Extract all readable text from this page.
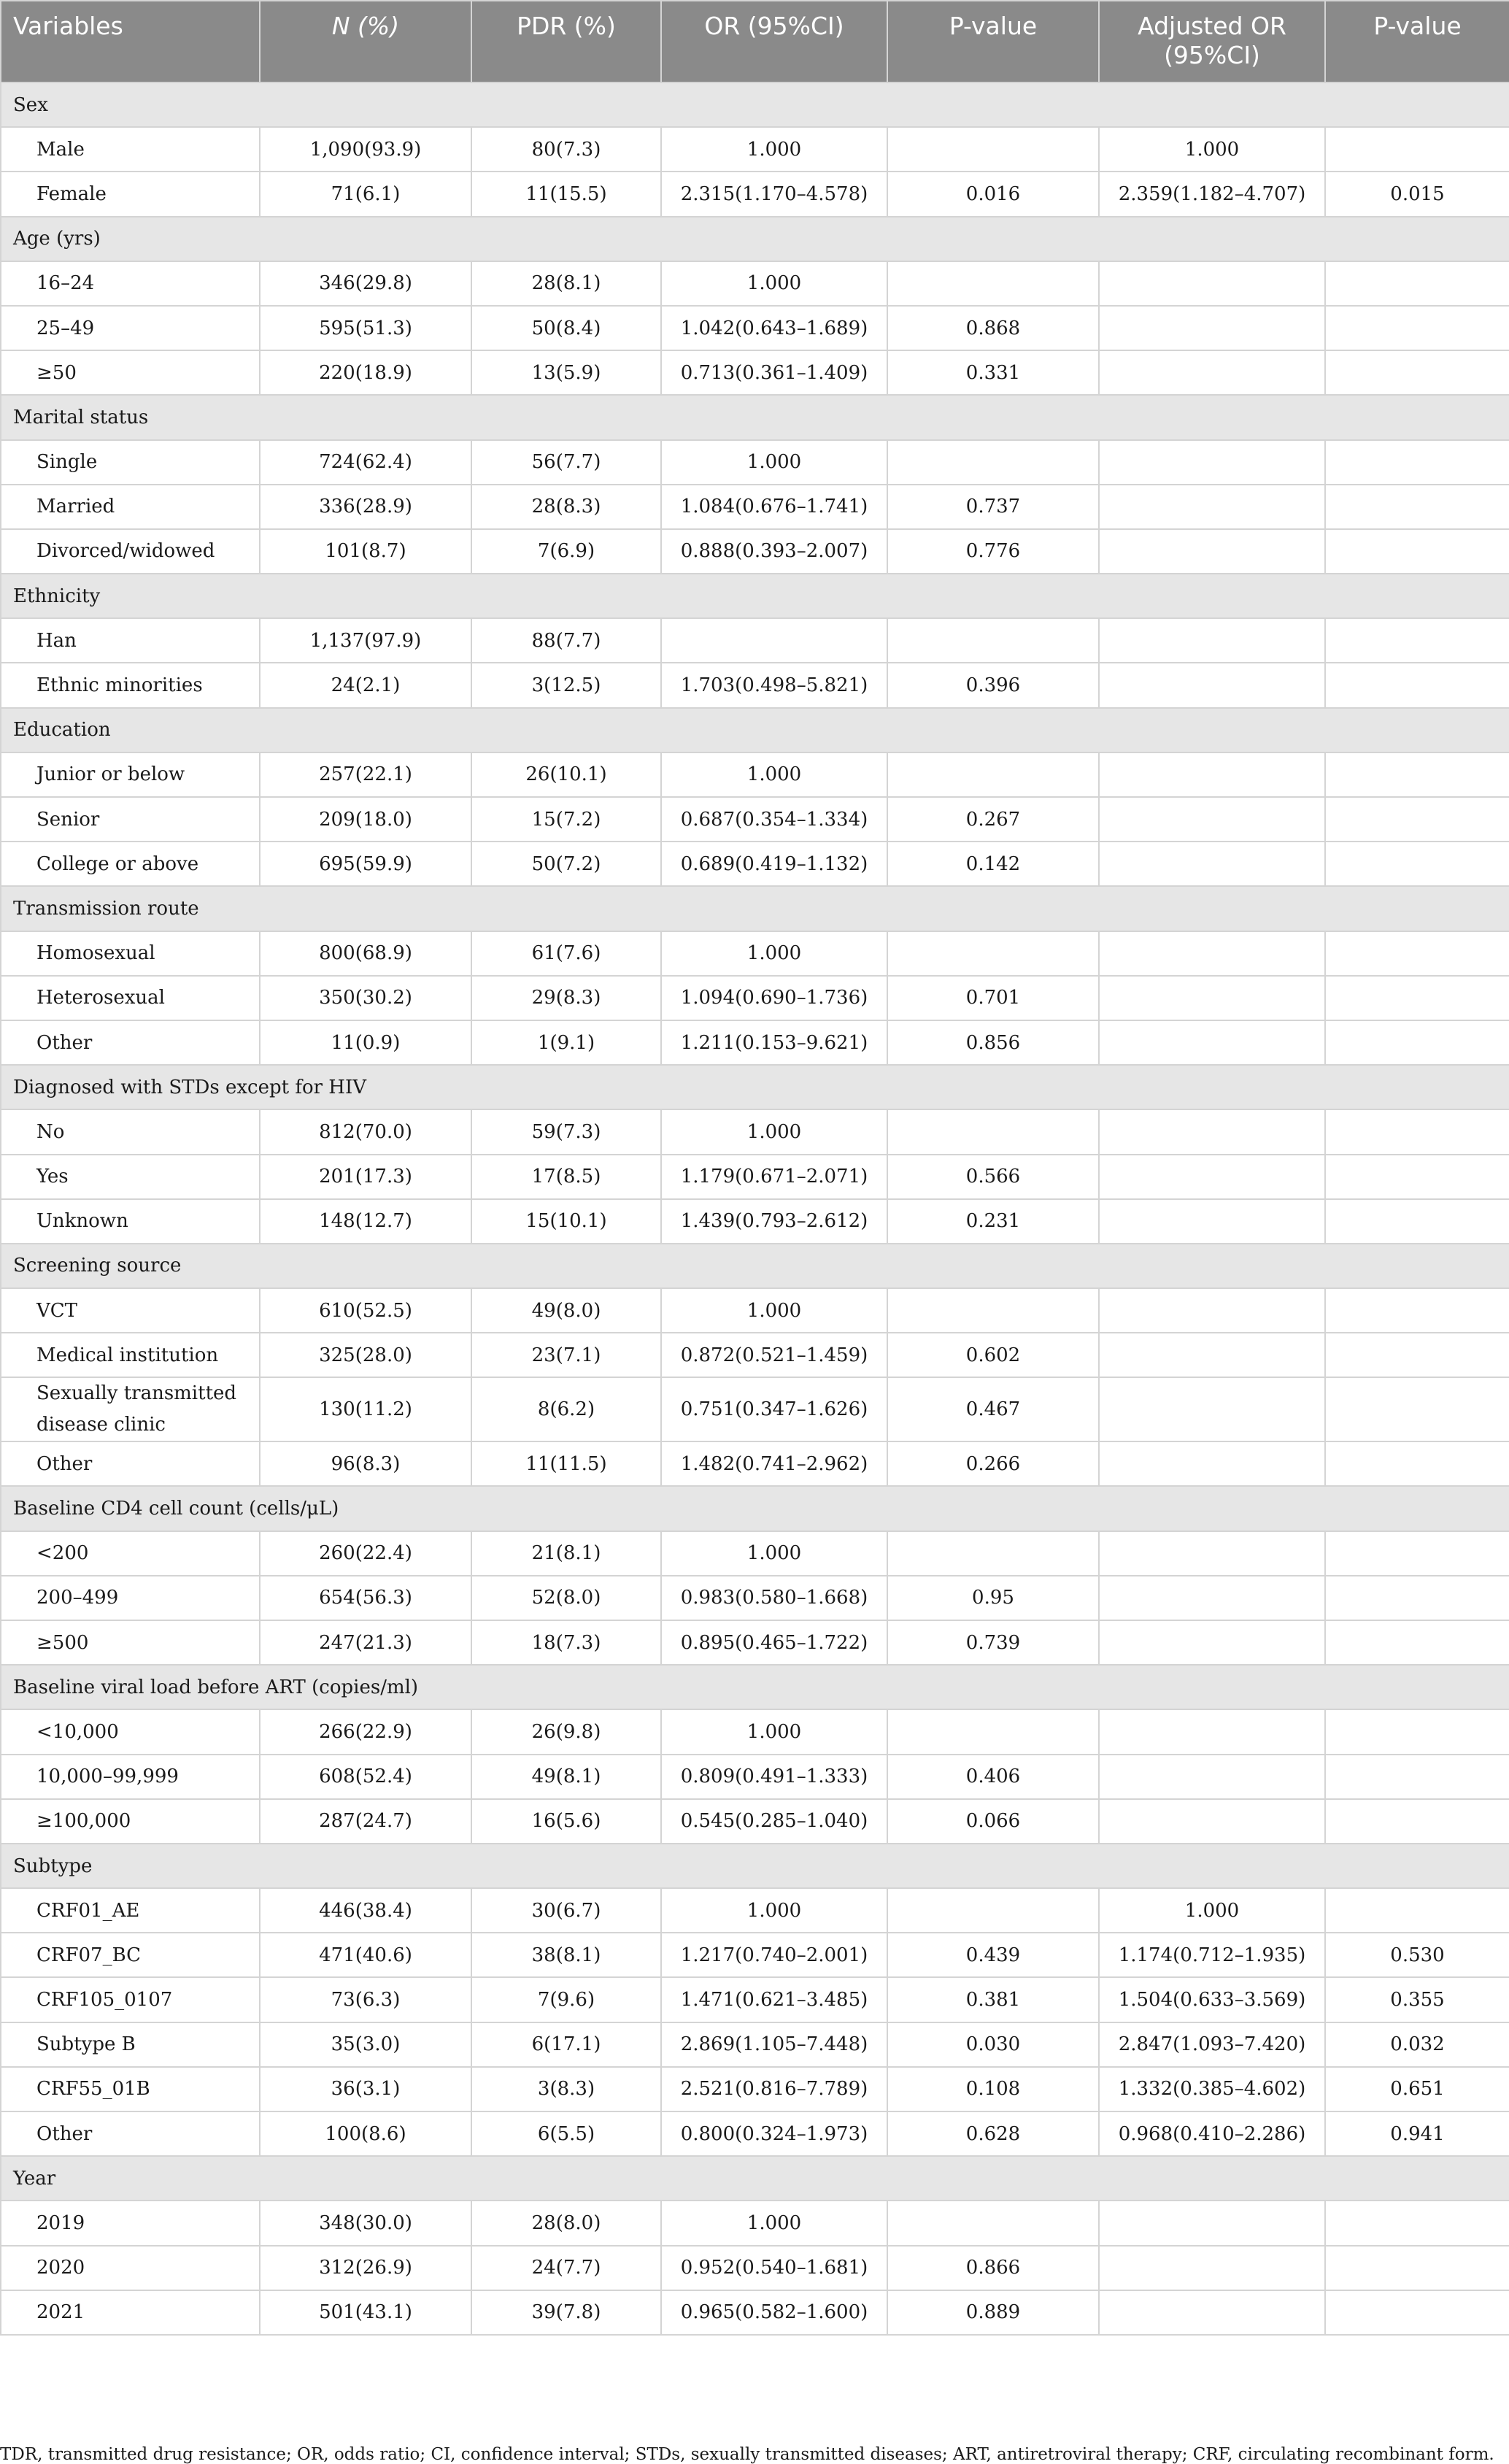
Variables	N (%)	PDR (%)	OR (95%CI)	P-value	Adjusted OR (95%CI)	P-value
Sex						
Male	1,090(93.9)	80(7.3)	1.000		1.000	
Female	71(6.1)	11(15.5)	2.315(1.170–4.578)	0.016	2.359(1.182–4.707)	0.015
Age (yrs)						
16–24	346(29.8)	28(8.1)	1.000			
25–49	595(51.3)	50(8.4)	1.042(0.643–1.689)	0.868		
≥50	220(18.9)	13(5.9)	0.713(0.361–1.409)	0.331		
Marital status						
Single	724(62.4)	56(7.7)	1.000			
Married	336(28.9)	28(8.3)	1.084(0.676–1.741)	0.737		
Divorced/widowed	101(8.7)	7(6.9)	0.888(0.393–2.007)	0.776		
Ethnicity						
Han	1,137(97.9)	88(7.7)				
Ethnic minorities	24(2.1)	3(12.5)	1.703(0.498–5.821)	0.396		
Education						
Junior or below	257(22.1)	26(10.1)	1.000			
Senior	209(18.0)	15(7.2)	0.687(0.354–1.334)	0.267		
College or above	695(59.9)	50(7.2)	0.689(0.419–1.132)	0.142		
Transmission route						
Homosexual	800(68.9)	61(7.6)	1.000			
Heterosexual	350(30.2)	29(8.3)	1.094(0.690–1.736)	0.701		
Other	11(0.9)	1(9.1)	1.211(0.153–9.621)	0.856		
Diagnosed with STDs except for HIV						
No	812(70.0)	59(7.3)	1.000			
Yes	201(17.3)	17(8.5)	1.179(0.671–2.071)	0.566		
Unknown	148(12.7)	15(10.1)	1.439(0.793–2.612)	0.231		
Screening source						
VCT	610(52.5)	49(8.0)	1.000			
Medical institution	325(28.0)	23(7.1)	0.872(0.521–1.459)	0.602		
Sexually transmitted disease clinic	130(11.2)	8(6.2)	0.751(0.347–1.626)	0.467		
Other	96(8.3)	11(11.5)	1.482(0.741–2.962)	0.266		
Baseline CD4 cell count (cells/μL)						
<200	260(22.4)	21(8.1)	1.000			
200–499	654(56.3)	52(8.0)	0.983(0.580–1.668)	0.95		
≥500	247(21.3)	18(7.3)	0.895(0.465–1.722)	0.739		
Baseline viral load before ART (copies/ml)						
<10,000	266(22.9)	26(9.8)	1.000			
10,000–99,999	608(52.4)	49(8.1)	0.809(0.491–1.333)	0.406		
≥100,000	287(24.7)	16(5.6)	0.545(0.285–1.040)	0.066		
Subtype						
CRF01_AE	446(38.4)	30(6.7)	1.000		1.000	
CRF07_BC	471(40.6)	38(8.1)	1.217(0.740–2.001)	0.439	1.174(0.712–1.935)	0.530
CRF105_0107	73(6.3)	7(9.6)	1.471(0.621–3.485)	0.381	1.504(0.633–3.569)	0.355
Subtype B	35(3.0)	6(17.1)	2.869(1.105–7.448)	0.030	2.847(1.093–7.420)	0.032
CRF55_01B	36(3.1)	3(8.3)	2.521(0.816–7.789)	0.108	1.332(0.385–4.602)	0.651
Other	100(8.6)	6(5.5)	0.800(0.324–1.973)	0.628	0.968(0.410–2.286)	0.941
Year						
2019	348(30.0)	28(8.0)	1.000			
2020	312(26.9)	24(7.7)	0.952(0.540–1.681)	0.866		
2021	501(43.1)	39(7.8)	0.965(0.582–1.600)	0.889		
TDR, transmitted drug resistance; OR, odds ratio; CI, confidence interval; STDs, sexually transmitted diseases; ART, antiretroviral therapy; CRF, circulating recombinant form.
